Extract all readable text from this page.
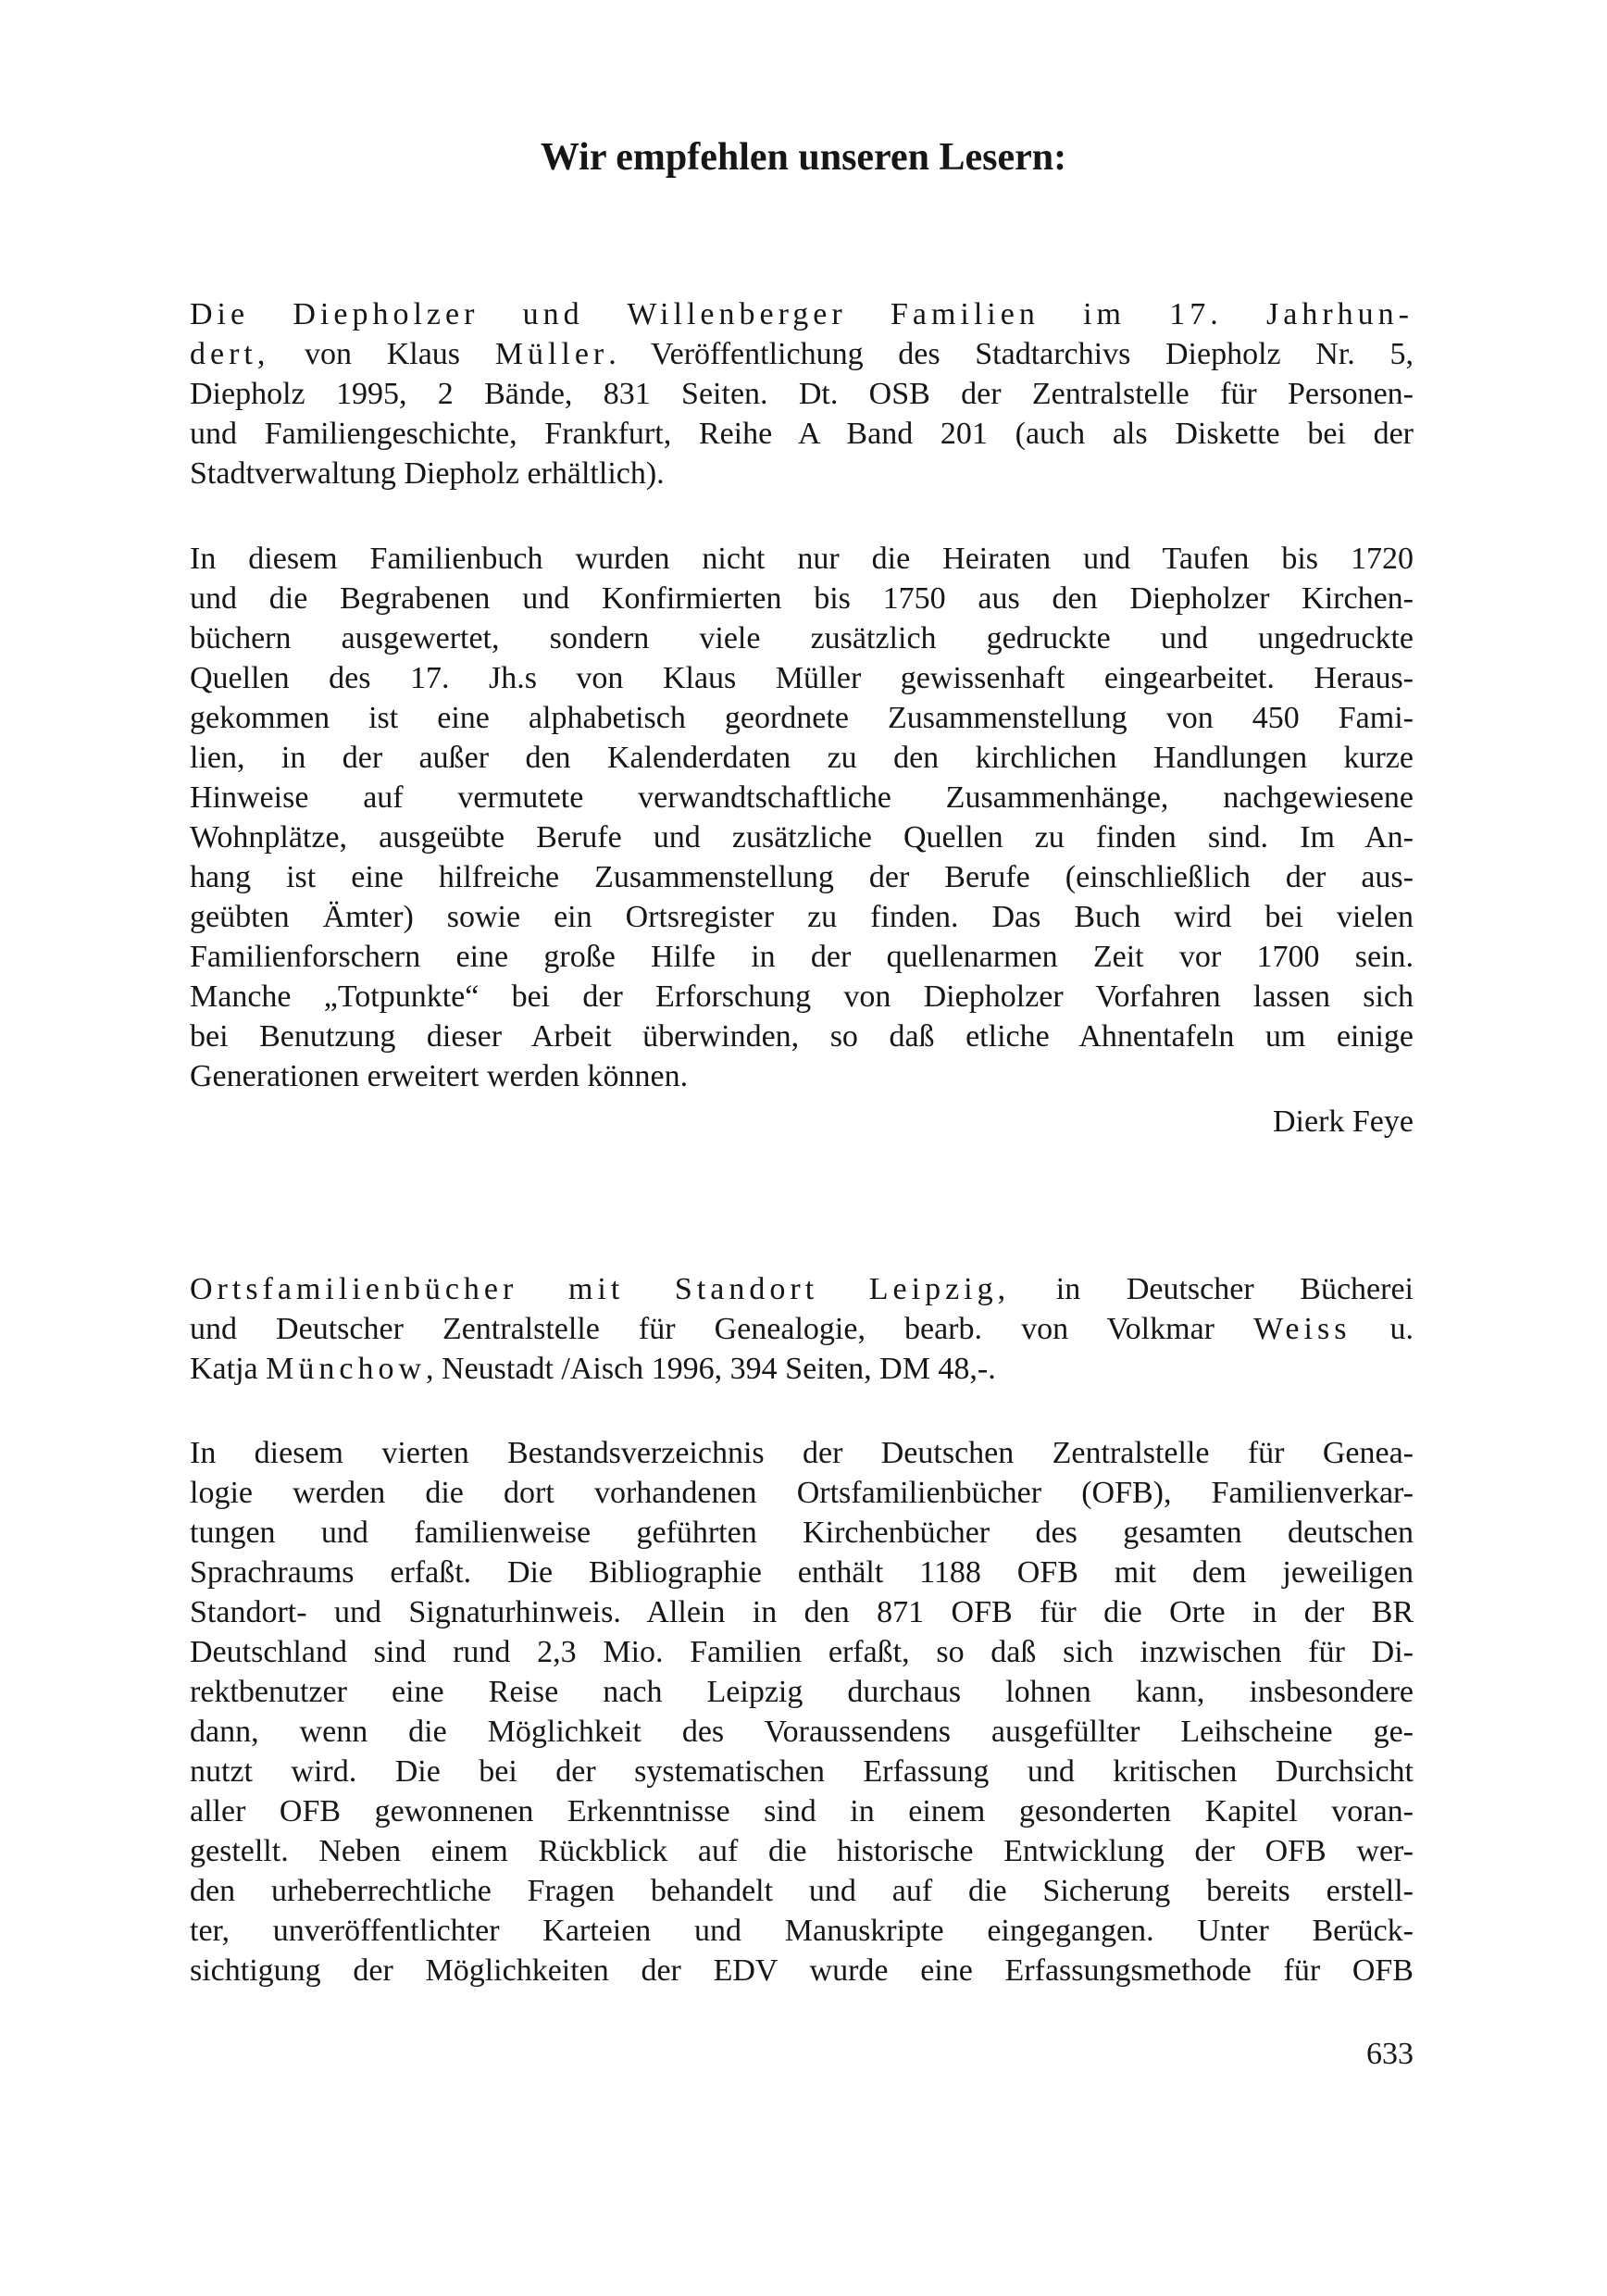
Wir empfehlen unseren Lesern:
Die Diepholzer und Willenberger Familien im 17. Jahrhun-
dert, von Klaus Müller. Veröffentlichung des Stadtarchivs Diepholz Nr. 5,
Diepholz 1995, 2 Bände, 831 Seiten. Dt. OSB der Zentralstelle für Personen-
und Familiengeschichte, Frankfurt, Reihe A Band 201 (auch als Diskette bei der
Stadtverwaltung Diepholz erhältlich).
In diesem Familienbuch wurden nicht nur die Heiraten und Taufen bis 1720
und die Begrabenen und Konfirmierten bis 1750 aus den Diepholzer Kirchen-
büchern ausgewertet, sondern viele zusätzlich gedruckte und ungedruckte
Quellen des 17. Jh.s von Klaus Müller gewissenhaft eingearbeitet. Heraus-
gekommen ist eine alphabetisch geordnete Zusammenstellung von 450 Fami-
lien, in der außer den Kalenderdaten zu den kirchlichen Handlungen kurze
Hinweise auf vermutete verwandtschaftliche Zusammenhänge, nachgewiesene
Wohnplätze, ausgeübte Berufe und zusätzliche Quellen zu finden sind. Im An-
hang ist eine hilfreiche Zusammenstellung der Berufe (einschließlich der aus-
geübten Ämter) sowie ein Ortsregister zu finden. Das Buch wird bei vielen
Familienforschern eine große Hilfe in der quellenarmen Zeit vor 1700 sein.
Manche „Totpunkte“ bei der Erforschung von Diepholzer Vorfahren lassen sich
bei Benutzung dieser Arbeit überwinden, so daß etliche Ahnentafeln um einige
Generationen erweitert werden können.
Dierk Feye
Ortsfamilienbücher mit Standort Leipzig, in Deutscher Bücherei
und Deutscher Zentralstelle für Genealogie, bearb. von Volkmar Weiss u.
Katja Münchow, Neustadt /Aisch 1996, 394 Seiten, DM 48,-.
In diesem vierten Bestandsverzeichnis der Deutschen Zentralstelle für Genea-
logie werden die dort vorhandenen Ortsfamilienbücher (OFB), Familienverkar-
tungen und familienweise geführten Kirchenbücher des gesamten deutschen
Sprachraums erfaßt. Die Bibliographie enthält 1188 OFB mit dem jeweiligen
Standort- und Signaturhinweis. Allein in den 871 OFB für die Orte in der BR
Deutschland sind rund 2,3 Mio. Familien erfaßt, so daß sich inzwischen für Di-
rektbenutzer eine Reise nach Leipzig durchaus lohnen kann, insbesondere
dann, wenn die Möglichkeit des Voraussendens ausgefüllter Leihscheine ge-
nutzt wird. Die bei der systematischen Erfassung und kritischen Durchsicht
aller OFB gewonnenen Erkenntnisse sind in einem gesonderten Kapitel voran-
gestellt. Neben einem Rückblick auf die historische Entwicklung der OFB wer-
den urheberrechtliche Fragen behandelt und auf die Sicherung bereits erstell-
ter, unveröffentlichter Karteien und Manuskripte eingegangen. Unter Berück-
sichtigung der Möglichkeiten der EDV wurde eine Erfassungsmethode für OFB
633
